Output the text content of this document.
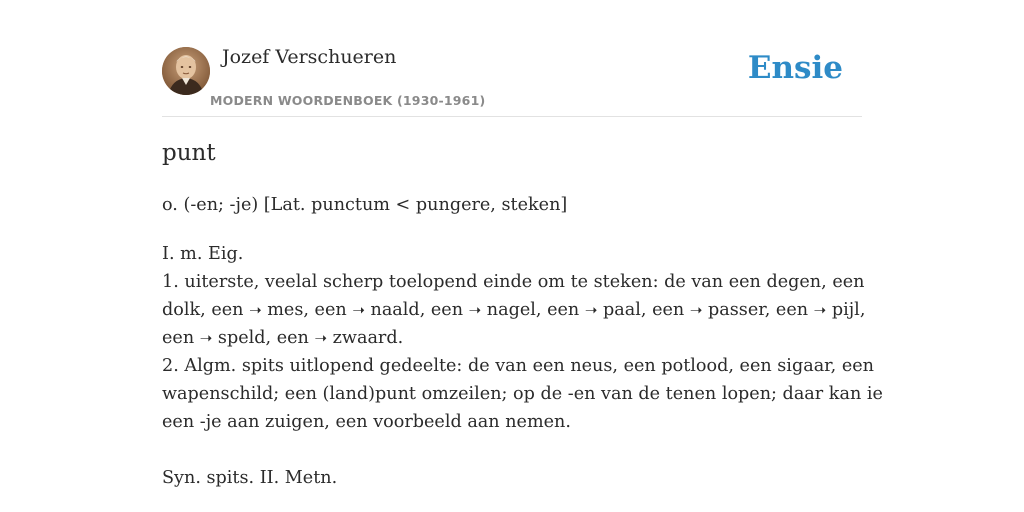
Jozef Verschueren
MODERN WOORDENBOEK (1930-1961)
Ensie
punt
o. (-en; -je) [Lat. punctum < pungere, steken]
I. m. Eig.
1. uiterste, veelal scherp toelopend einde om te steken: de van een degen, een
dolk, een ➝ mes, een ➝ naald, een ➝ nagel, een ➝ paal, een ➝ passer, een ➝ pijl,
een ➝ speld, een ➝ zwaard.
2. Algm. spits uitlopend gedeelte: de van een neus, een potlood, een sigaar, een
wapenschild; een (land)punt omzeilen; op de -en van de tenen lopen; daar kan ie
een -je aan zuigen, een voorbeeld aan nemen.
Syn. spits. II. Metn.
